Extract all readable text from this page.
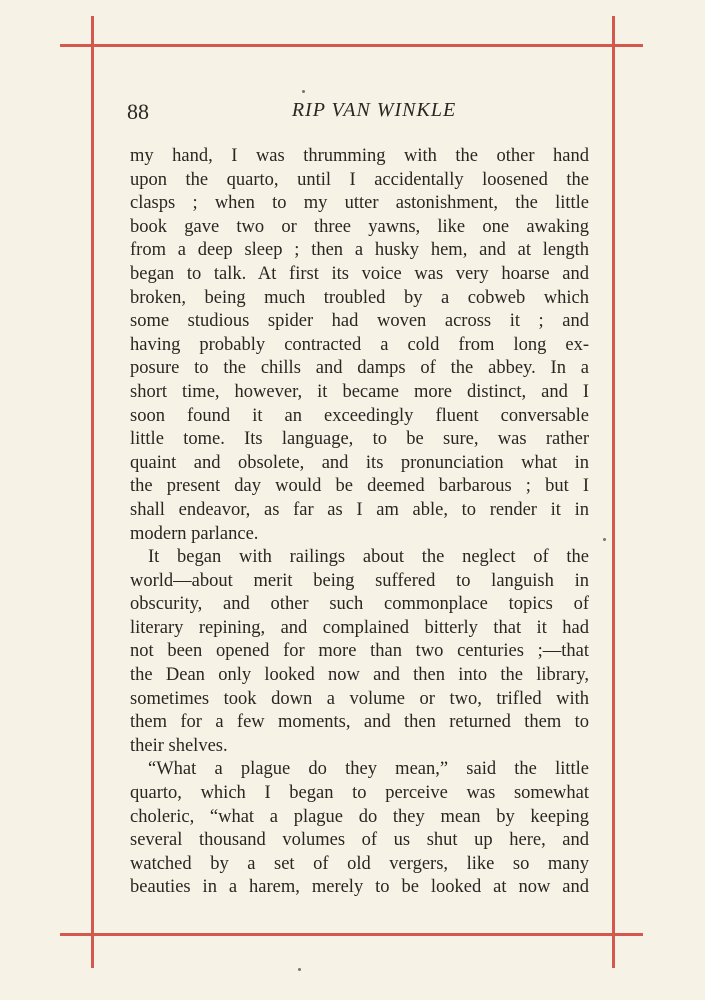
88	RIP VAN WINKLE
my hand, I was thrumming with the other hand
upon the quarto, until I accidentally loosened the
clasps ; when to my utter astonishment, the little
book gave two or three yawns, like one awaking
from a deep sleep ; then a husky hem, and at length
began to talk. At first its voice was very hoarse and
broken, being much troubled by a cobweb which
some studious spider had woven across it ; and
having probably contracted a cold from long ex-
posure to the chills and damps of the abbey. In a
short time, however, it became more distinct, and I
soon found it an exceedingly fluent conversable
little tome. Its language, to be sure, was rather
quaint and obsolete, and its pronunciation what in
the present day would be deemed barbarous ; but I
shall endeavor, as far as I am able, to render it in
modern parlance.
It began with railings about the neglect of the
world—about merit being suffered to languish in
obscurity, and other such commonplace topics of
literary repining, and complained bitterly that it had
not been opened for more than two centuries ;—that
the Dean only looked now and then into the library,
sometimes took down a volume or two, trifled with
them for a few moments, and then returned them to
their shelves.
“What a plague do they mean,” said the little
quarto, which I began to perceive was somewhat
choleric, “what a plague do they mean by keeping
several thousand volumes of us shut up here, and
watched by a set of old vergers, like so many
beauties in a harem, merely to be looked at now and
